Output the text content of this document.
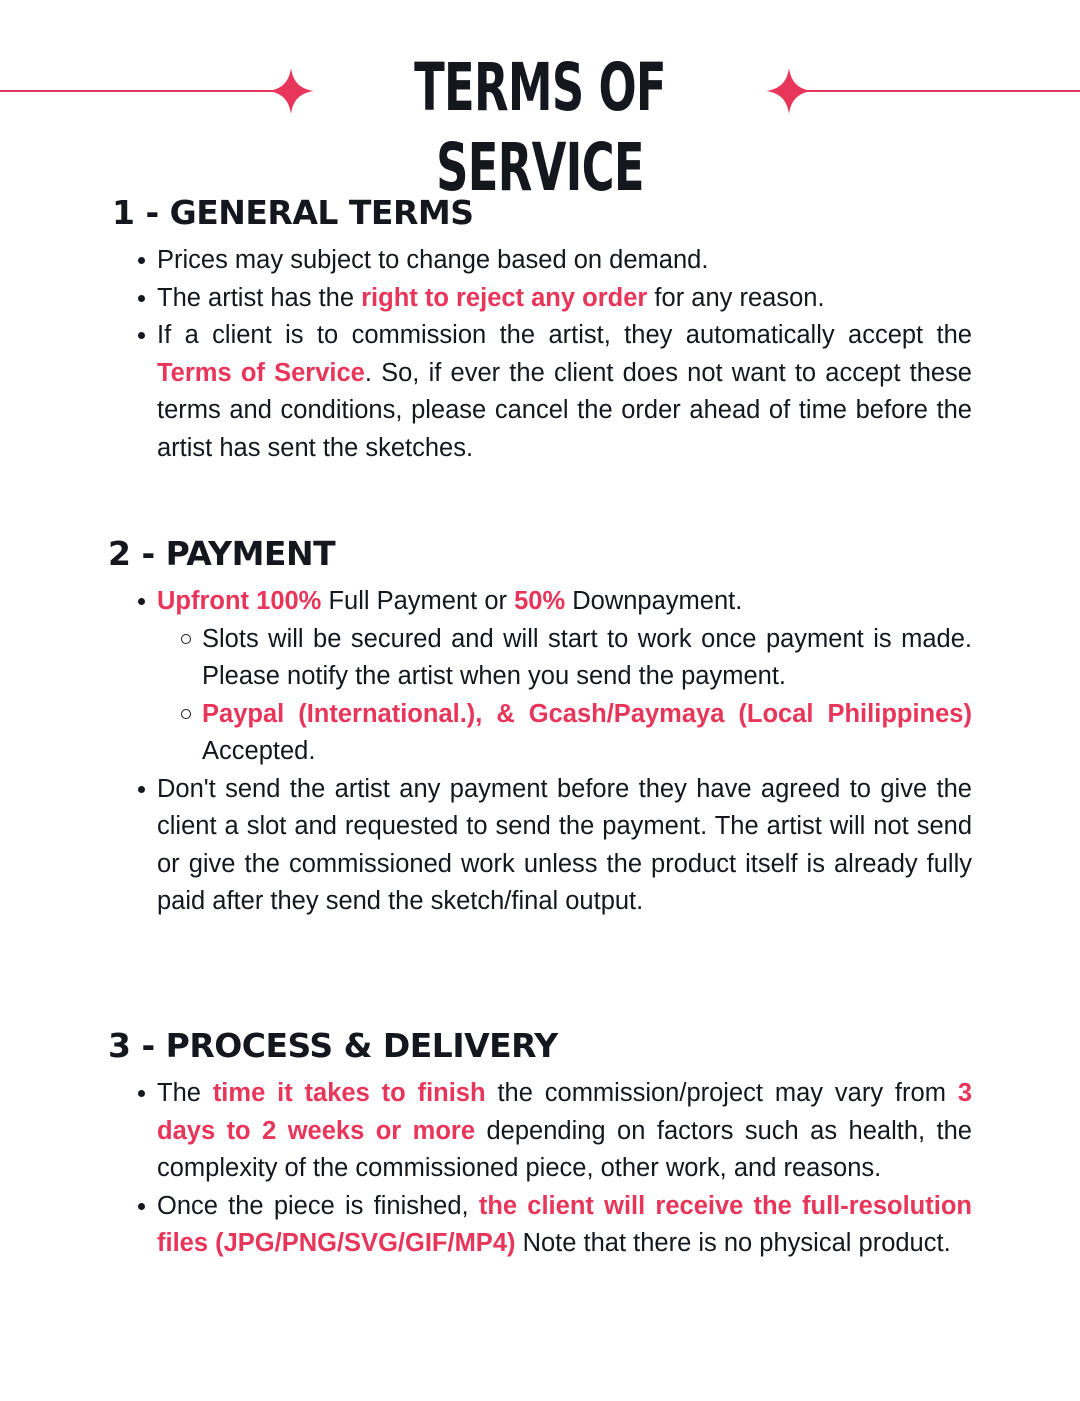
TERMS OF SERVICE
1 - GENERAL TERMS
Prices may subject to change based on demand.
The artist has the right to reject any order for any reason.
If a client is to commission the artist, they automatically accept the Terms of Service. So, if ever the client does not want to accept these terms and conditions, please cancel the order ahead of time before the artist has sent the sketches.
2 - PAYMENT
Upfront 100% Full Payment or 50% Downpayment.
Slots will be secured and will start to work once payment is made. Please notify the artist when you send the payment.
Paypal (International.), & Gcash/Paymaya (Local Philippines) Accepted.
Don't send the artist any payment before they have agreed to give the client a slot and requested to send the payment. The artist will not send or give the commissioned work unless the product itself is already fully paid after they send the sketch/final output.
3 - PROCESS & DELIVERY
The time it takes to finish the commission/project may vary from 3 days to 2 weeks or more depending on factors such as health, the complexity of the commissioned piece, other work, and reasons.
Once the piece is finished, the client will receive the full-resolution files (JPG/PNG/SVG/GIF/MP4) Note that there is no physical product.
